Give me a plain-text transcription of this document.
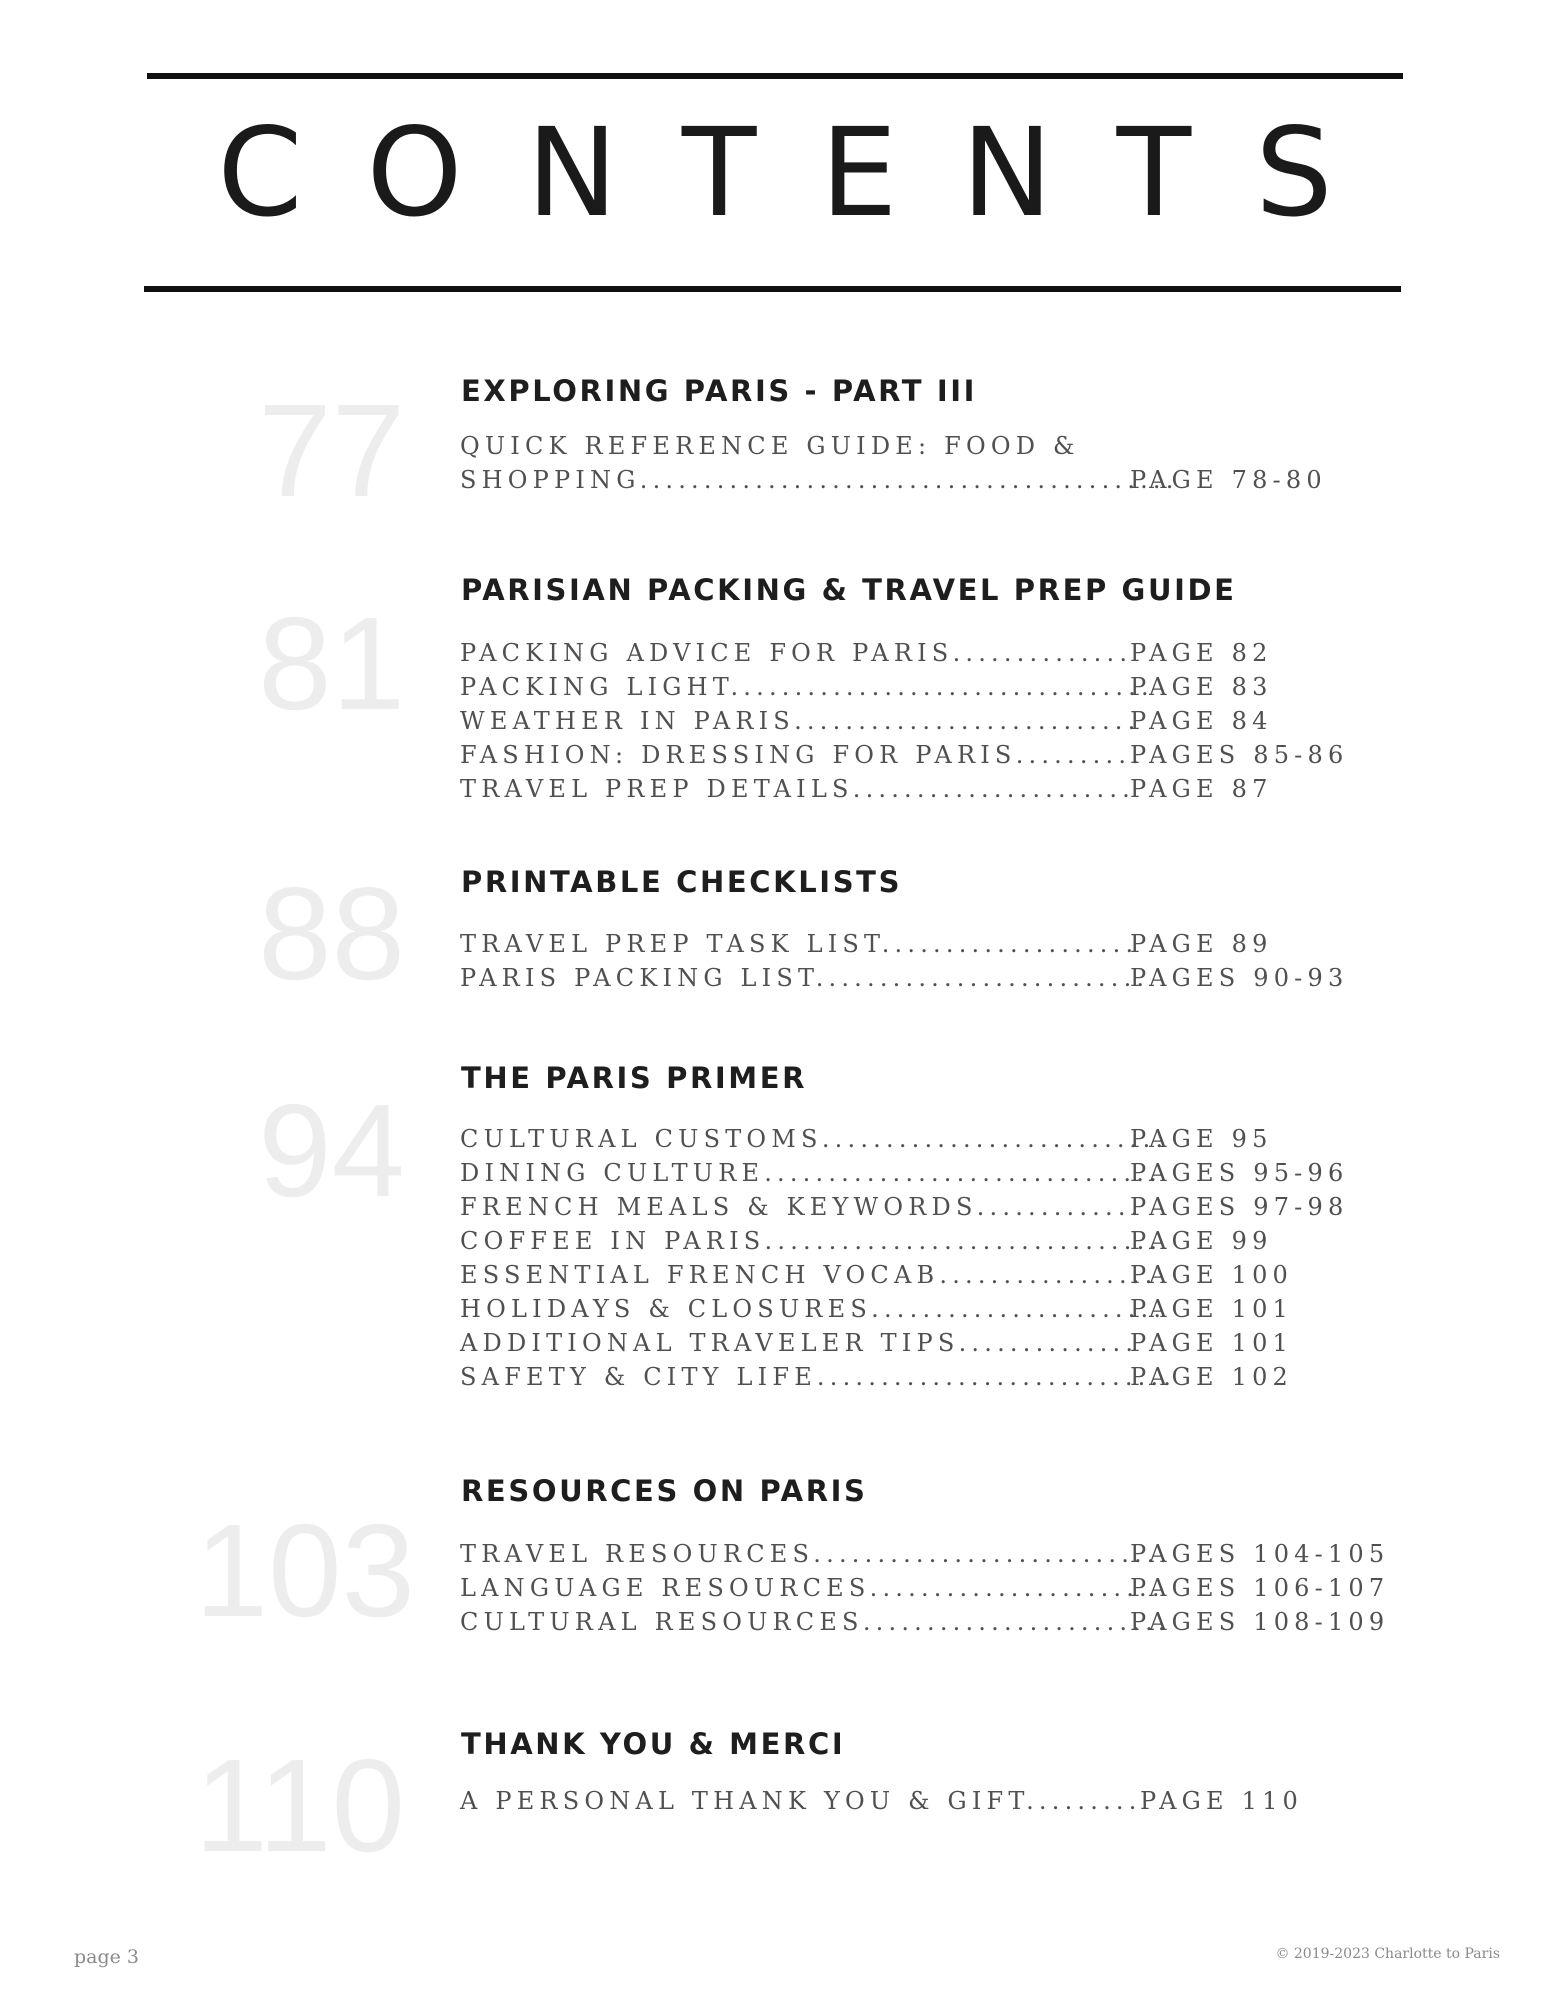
CONTENTS
77 EXPLORING PARIS - PART III
QUICK REFERENCE GUIDE: FOOD &
SHOPPING..........................................
PAGE 78-80
81 PARISIAN PACKING & TRAVEL PREP GUIDE
PACKING ADVICE FOR PARIS..............
PAGE 82
PACKING LIGHT.................................
PAGE 83
WEATHER IN PARIS...........................
PAGE 84
FASHION: DRESSING FOR PARIS..........
PAGES 85-86
TRAVEL PREP DETAILS......................
PAGE 87
88 PRINTABLE CHECKLISTS
TRAVEL PREP TASK LIST....................
PAGE 89
PARIS PACKING LIST..........................
PAGES 90-93
94 THE PARIS PRIMER
CULTURAL CUSTOMS...........................
PAGE 95
DINING CULTURE...............................
PAGES 95-96
FRENCH MEALS & KEYWORDS.............
PAGES 97-98
COFFEE IN PARIS...............................
PAGE 99
ESSENTIAL FRENCH VOCAB.................
PAGE 100
HOLIDAYS & CLOSURES.......................
PAGE 101
ADDITIONAL TRAVELER TIPS..............
PAGE 101
SAFETY & CITY LIFE............................
PAGE 102
103
RESOURCES ON PARIS
TRAVEL RESOURCES............................
PAGES 104-105
LANGUAGE RESOURCES.......................
PAGES 106-107
CULTURAL RESOURCES........................
PAGES 108-109
110 THANK YOU & MERCI
A PERSONAL THANK YOU & GIFT.........
PAGE 110
page 3	© 2019-2023 Charlotte to Paris
